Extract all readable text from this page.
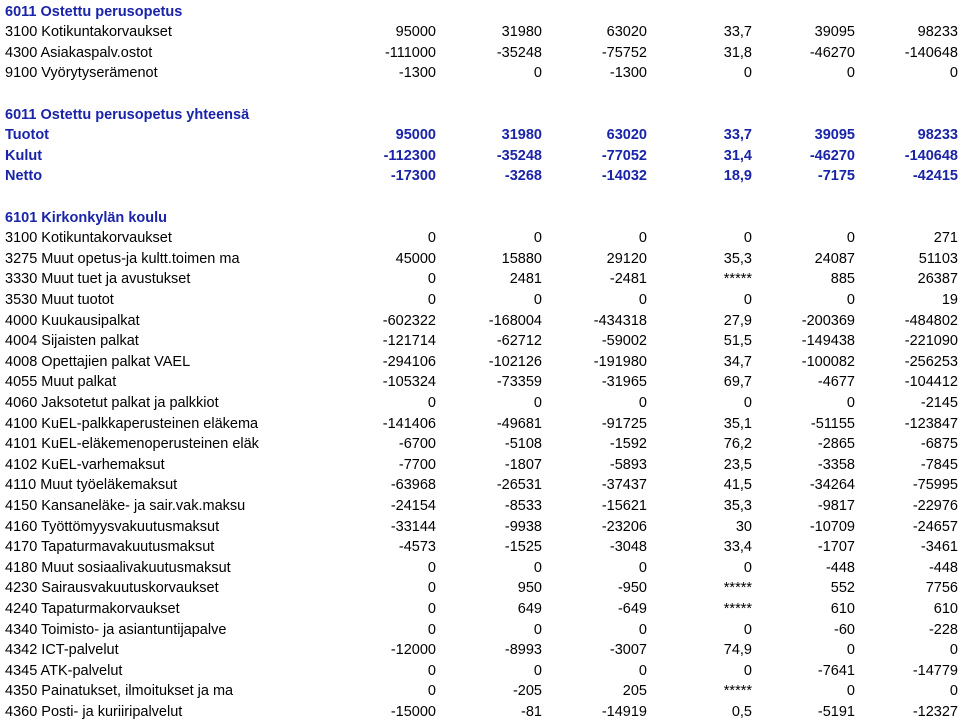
6011 Ostettu perusopetus
3100 Kotikuntakorvaukset	95000	31980	63020	33,7	39095	98233
4300 Asiakaspalv.ostot	-111000	-35248	-75752	31,8	-46270	-140648
9100 Vyörytyserämenot	-1300	0	-1300	0	0	0
6011 Ostettu perusopetus yhteensä
Tuotot	95000	31980	63020	33,7	39095	98233
Kulut	-112300	-35248	-77052	31,4	-46270	-140648
Netto	-17300	-3268	-14032	18,9	-7175	-42415
6101 Kirkonkylän koulu
3100 Kotikuntakorvaukset	0	0	0	0	0	271
3275 Muut opetus-ja kultt.toimen ma	45000	15880	29120	35,3	24087	51103
3330 Muut tuet ja avustukset	0	2481	-2481	*****	885	26387
3530 Muut tuotot	0	0	0	0	0	19
4000 Kuukausipalkat	-602322	-168004	-434318	27,9	-200369	-484802
4004 Sijaisten palkat	-121714	-62712	-59002	51,5	-149438	-221090
4008 Opettajien palkat VAEL	-294106	-102126	-191980	34,7	-100082	-256253
4055 Muut palkat	-105324	-73359	-31965	69,7	-4677	-104412
4060 Jaksotetut palkat ja palkkiot	0	0	0	0	0	-2145
4100 KuEL-palkkaperusteinen eläkema	-141406	-49681	-91725	35,1	-51155	-123847
4101 KuEL-eläkemenoperusteinen eläk	-6700	-5108	-1592	76,2	-2865	-6875
4102 KuEL-varhemaksut	-7700	-1807	-5893	23,5	-3358	-7845
4110 Muut työeläkemaksut	-63968	-26531	-37437	41,5	-34264	-75995
4150 Kansaneläke- ja sair.vak.maksu	-24154	-8533	-15621	35,3	-9817	-22976
4160 Työttömyysvakuutusmaksut	-33144	-9938	-23206	30	-10709	-24657
4170 Tapaturmavakuutusmaksut	-4573	-1525	-3048	33,4	-1707	-3461
4180 Muut sosiaalivakuutusmaksut	0	0	0	0	-448	-448
4230 Sairausvakuutuskorvaukset	0	950	-950	*****	552	7756
4240 Tapaturmakorvaukset	0	649	-649	*****	610	610
4340 Toimisto- ja asiantuntijapalve	0	0	0	0	-60	-228
4342 ICT-palvelut	-12000	-8993	-3007	74,9	0	0
4345 ATK-palvelut	0	0	0	0	-7641	-14779
4350 Painatukset, ilmoitukset ja ma	0	-205	205	*****	0	0
4360 Posti- ja kuriiripalvelut	-15000	-81	-14919	0,5	-5191	-12327
